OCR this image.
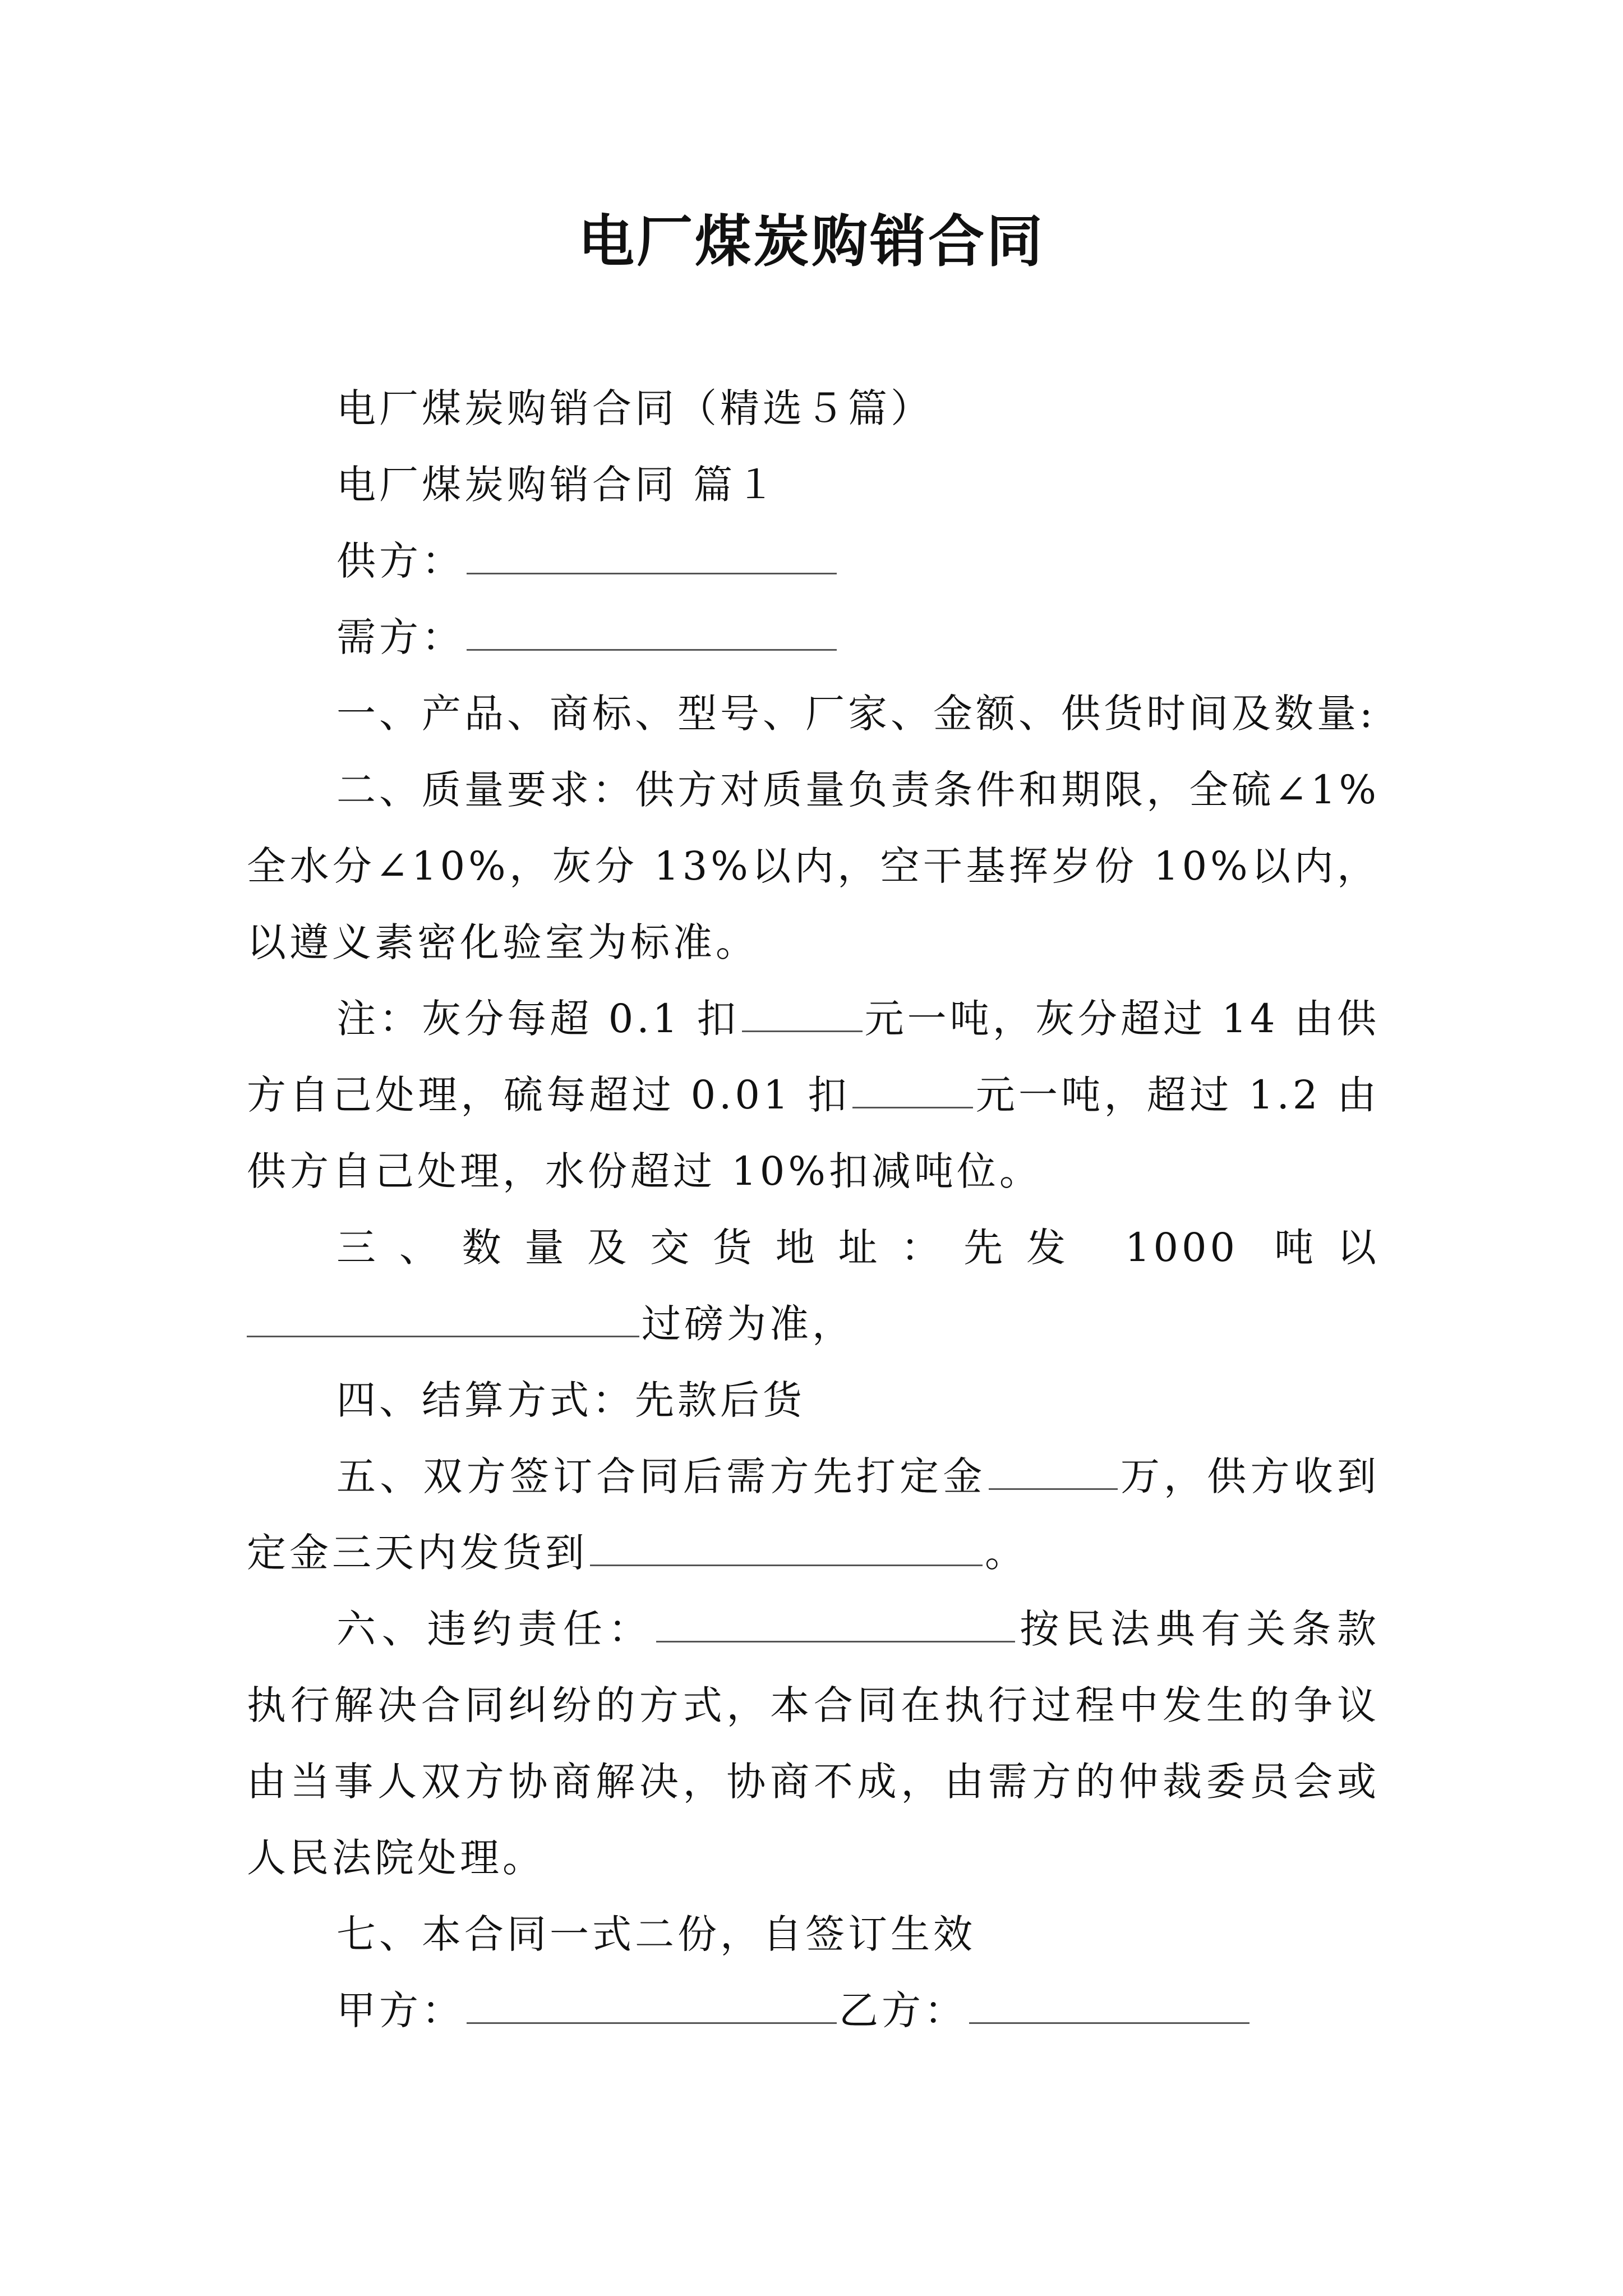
电厂煤炭购销合同

电厂煤炭购销合同（精选５篇）

电厂煤炭购销合同 篇１

供方：

需方：

一、产品、商标、型号、厂家、金额、供货时间及数量:

二、质量要求：供方对质量负责条件和期限，全硫∠1%全水分∠10%，灰分 13%以内，空干基挥岁份 10%以内，以遵义素密化验室为标准。

注：灰分每超 0.1 扣	元一吨，灰分超过 14 由供方自己处理，硫每超过 0.01 扣	元一吨，超过 1.2 由供方自己处理，水份超过 10%扣减吨位。

三、数量及交货地址：先发 1000 吨以

过磅为准，

四、结算方式：先款后货

五、双方签订合同后需方先打定金	万，供方收到定金三天内发货到	。

六、违约责任：	按民法典有关条款执行解决合同纠纷的方式，本合同在执行过程中发生的争议由当事人双方协商解决，协商不成，由需方的仲裁委员会或人民法院处理。

七、本合同一式二份，自签订生效

甲方：	乙方：
